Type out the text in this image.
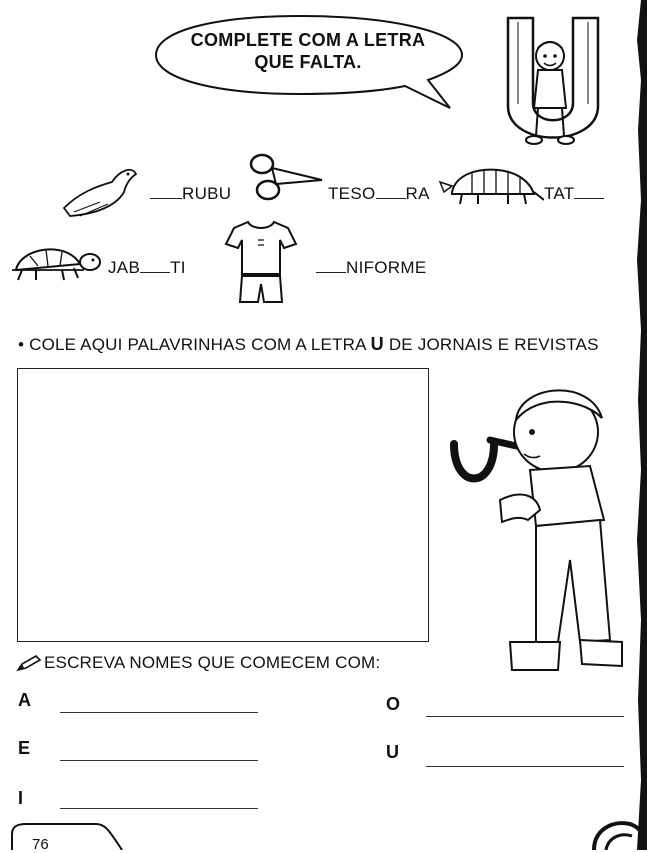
COMPLETE COM A LETRA
QUE FALTA.
RUBU	TESO RA	TAT
JAB TI	NIFORME
• COLE AQUI PALAVRINHAS COM A LETRA U DE JORNAIS E REVISTAS
ESCREVA NOMES QUE COMECEM COM:
A
E
I
O
U
76
